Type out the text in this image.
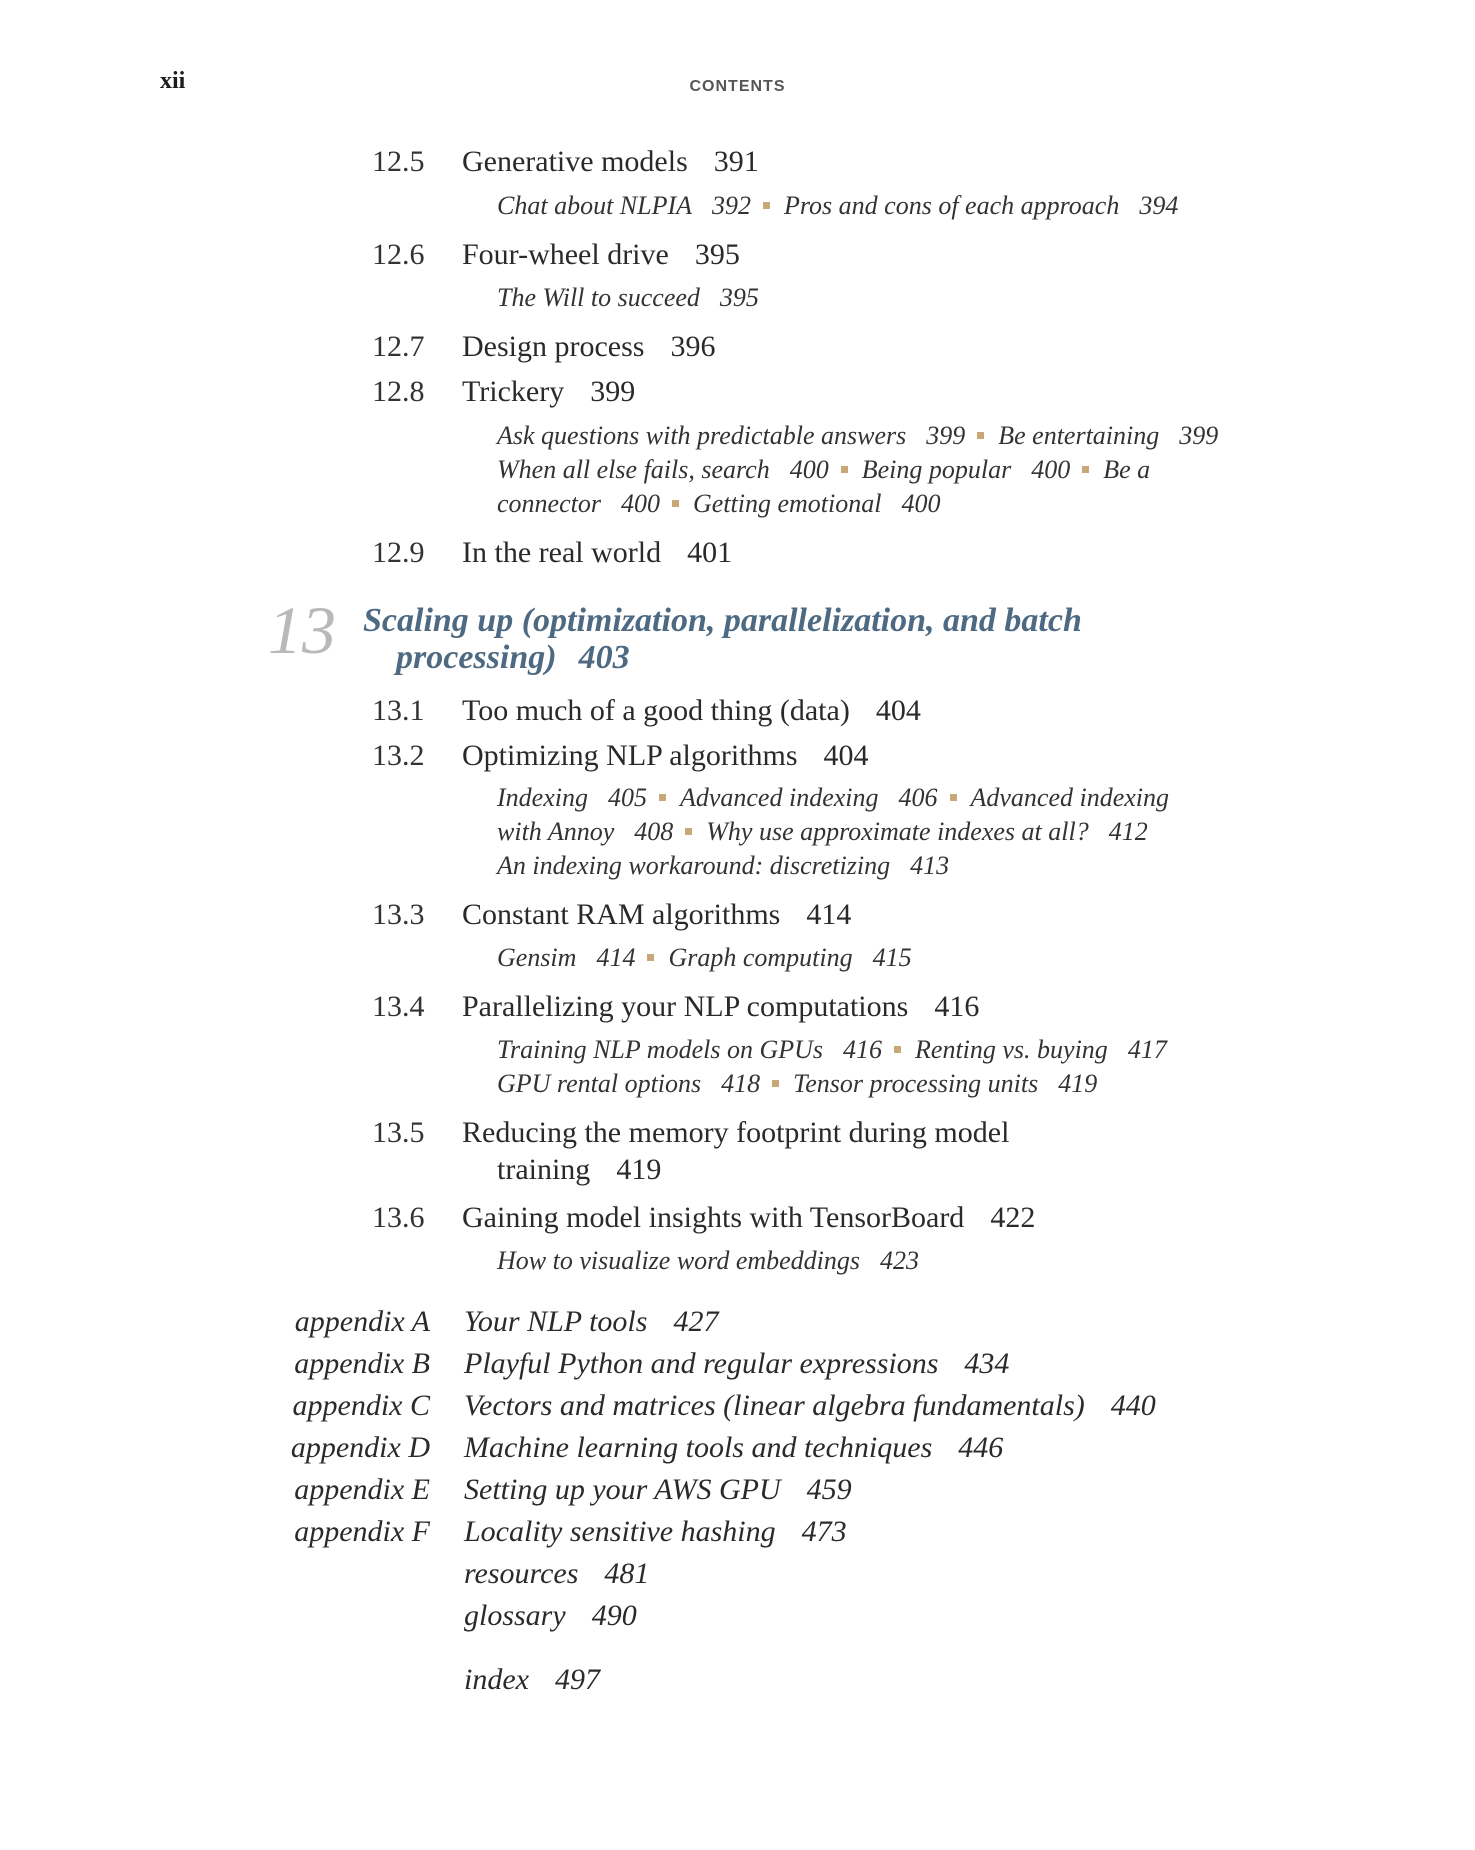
xii	CONTENTS
12.5 Generative models 391
Chat about NLPIA 392 Pros and cons of each approach 394
12.6 Four-wheel drive 395
The Will to succeed 395
12.7 Design process 396
12.8 Trickery 399
Ask questions with predictable answers 399 Be entertaining 399
When all else fails, search 400 Being popular 400 Be a
connector 400 Getting emotional 400
12.9 In the real world 401
13 Scaling up (optimization, parallelization, and batch
processing) 403
13.1 Too much of a good thing (data) 404
13.2 Optimizing NLP algorithms 404
Indexing 405 Advanced indexing 406 Advanced indexing
with Annoy 408 Why use approximate indexes at all? 412
An indexing workaround: discretizing 413
13.3 Constant RAM algorithms 414
Gensim 414 Graph computing 415
13.4 Parallelizing your NLP computations 416
Training NLP models on GPUs 416 Renting vs. buying 417
GPU rental options 418 Tensor processing units 419
13.5 Reducing the memory footprint during model
training 419
13.6 Gaining model insights with TensorBoard 422
How to visualize word embeddings 423
appendix A Your NLP tools 427
appendix B Playful Python and regular expressions 434
appendix C Vectors and matrices (linear algebra fundamentals) 440
appendix D Machine learning tools and techniques 446
appendix E Setting up your AWS GPU 459
appendix F Locality sensitive hashing 473
resources 481
glossary 490
index 497
